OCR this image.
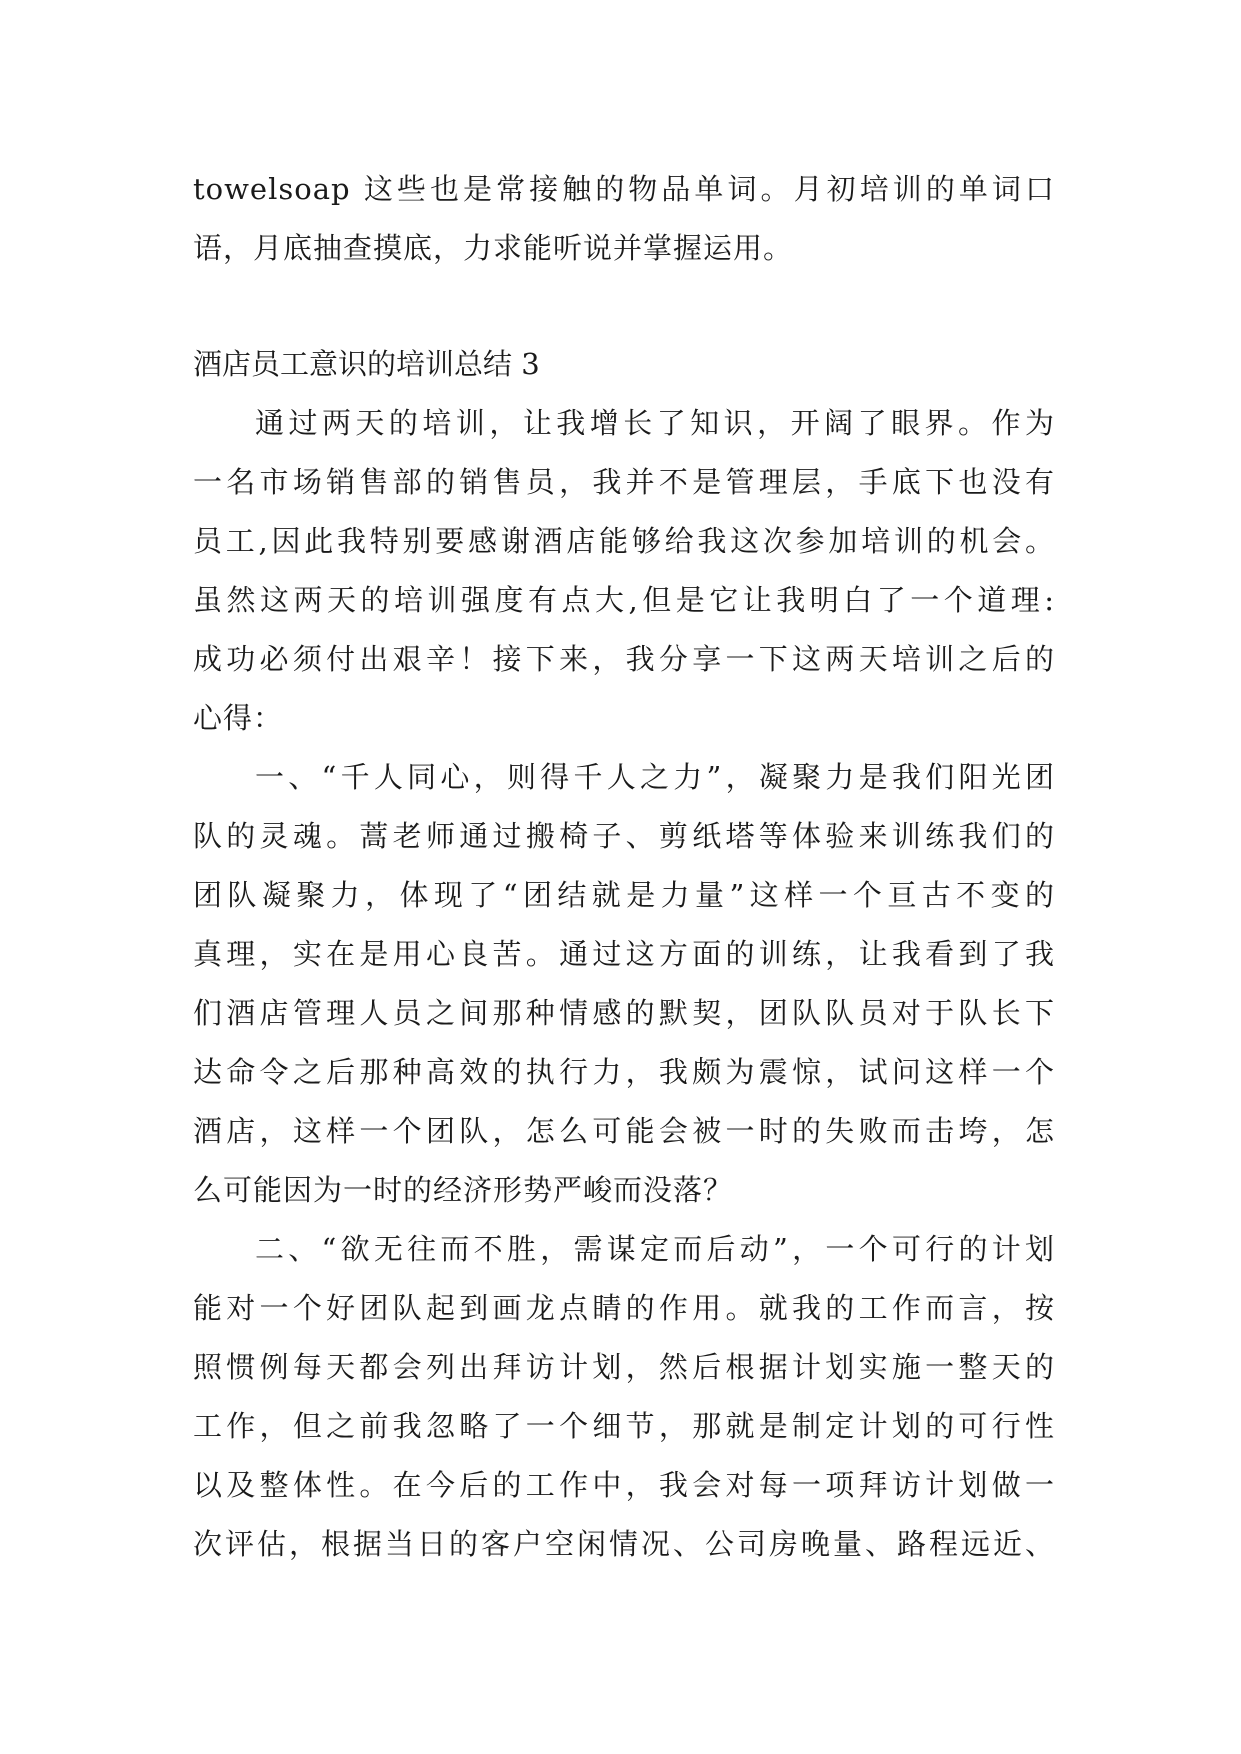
towelsoap 这些也是常接触的物品单词。月初培训的单词口
语，月底抽查摸底，力求能听说并掌握运用。
酒店员工意识的培训总结 3
通过两天的培训，让我增长了知识，开阔了眼界。作为
一名市场销售部的销售员，我并不是管理层，手底下也没有
员工,因此我特别要感谢酒店能够给我这次参加培训的机会。
虽然这两天的培训强度有点大,但是它让我明白了一个道理:
成功必须付出艰辛！接下来，我分享一下这两天培训之后的
心得：
一、“千人同心，则得千人之力”，凝聚力是我们阳光团
队的灵魂。蒿老师通过搬椅子、剪纸塔等体验来训练我们的
团队凝聚力，体现了“团结就是力量”这样一个亘古不变的
真理，实在是用心良苦。通过这方面的训练，让我看到了我
们酒店管理人员之间那种情感的默契，团队队员对于队长下
达命令之后那种高效的执行力，我颇为震惊，试问这样一个
酒店，这样一个团队，怎么可能会被一时的失败而击垮，怎
么可能因为一时的经济形势严峻而没落？
二、“欲无往而不胜，需谋定而后动”，一个可行的计划
能对一个好团队起到画龙点睛的作用。就我的工作而言，按
照惯例每天都会列出拜访计划，然后根据计划实施一整天的
工作，但之前我忽略了一个细节，那就是制定计划的可行性
以及整体性。在今后的工作中，我会对每一项拜访计划做一
次评估，根据当日的客户空闲情况、公司房晚量、路程远近、
